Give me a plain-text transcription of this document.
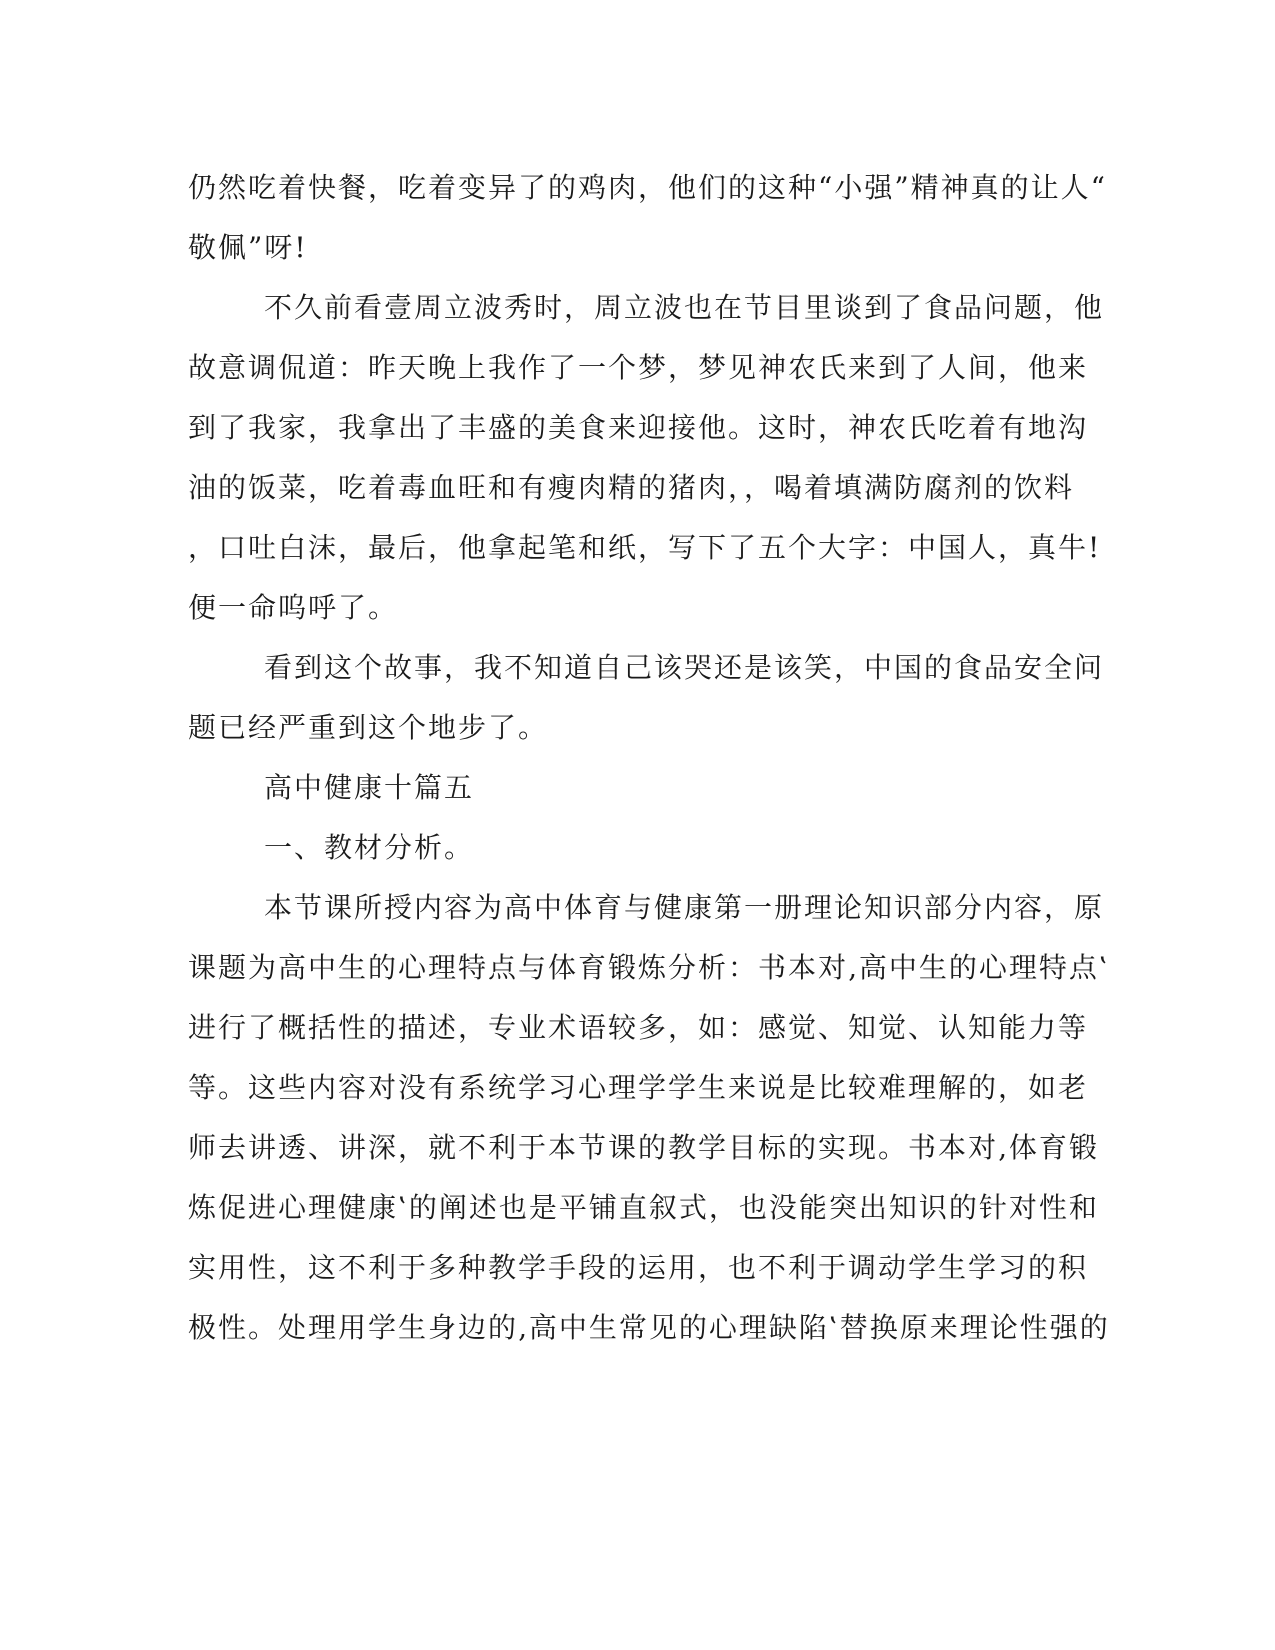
仍然吃着快餐，吃着变异了的鸡肉，他们的这种“小强”精神真的让人“
敬佩”呀!
不久前看壹周立波秀时，周立波也在节目里谈到了食品问题，他
故意调侃道：昨天晚上我作了一个梦，梦见神农氏来到了人间，他来
到了我家，我拿出了丰盛的美食来迎接他。这时，神农氏吃着有地沟
油的饭菜，吃着毒血旺和有瘦肉精的猪肉，，喝着填满防腐剂的饮料
，口吐白沫，最后，他拿起笔和纸，写下了五个大字：中国人，真牛!
便一命呜呼了。
看到这个故事，我不知道自己该哭还是该笑，中国的食品安全问
题已经严重到这个地步了。
高中健康十篇五
一、教材分析。
本节课所授内容为高中体育与健康第一册理论知识部分内容，原
课题为高中生的心理特点与体育锻炼分析：书本对‚高中生的心理特点‛
进行了概括性的描述，专业术语较多，如：感觉、知觉、认知能力等
等。这些内容对没有系统学习心理学学生来说是比较难理解的，如老
师去讲透、讲深，就不利于本节课的教学目标的实现。书本对‚体育锻
炼促进心理健康‛的阐述也是平铺直叙式，也没能突出知识的针对性和
实用性，这不利于多种教学手段的运用，也不利于调动学生学习的积
极性。处理用学生身边的‚高中生常见的心理缺陷‛替换原来理论性强的
